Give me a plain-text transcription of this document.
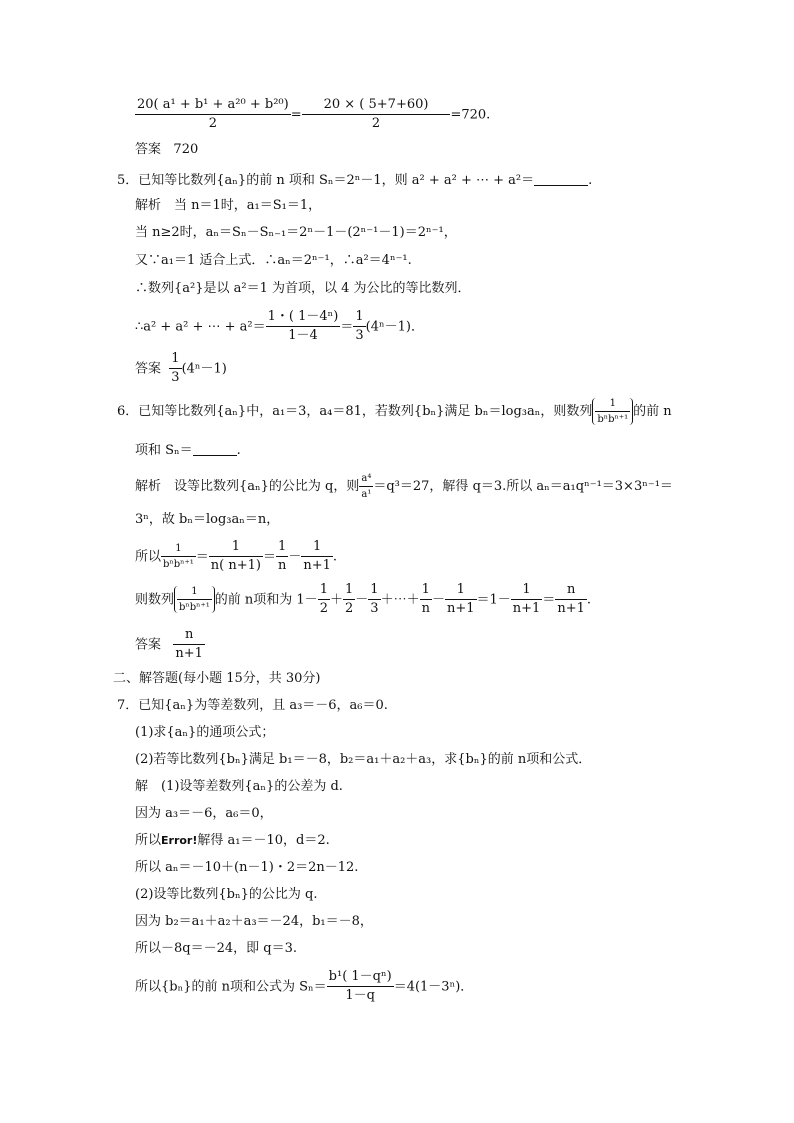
$\frac{\text{20( a¹ + b¹ + a²⁰ + b²⁰)}}{2} = \frac{20 \times ( 5+7+60)}{2} =720$.
答案 720
5．已知等比数列{aₙ}的前 n 项和 Sₙ＝2ⁿ－1，则 a² + a² + ⋯ + a²＝	.
解析　当 n＝1时，a₁＝S₁＝1，
当 n≥2时，aₙ＝Sₙ－Sₙ₋₁＝2ⁿ－1－(2ⁿ⁻¹－1)＝2ⁿ⁻¹，
又∵a₁＝1 适合上式．∴aₙ＝2ⁿ⁻¹，∴a²＝4ⁿ⁻¹.
∴数列{a²}是以 a²＝1 为首项，以 4 为公比的等比数列．
∴a² + a² + ⋯ + $a^2= \frac{\text{1・( 1－4ⁿ)}}{1-4} = \frac{1}{3} (4^n-1)$．
答案 $\frac{1}{3} (4^n-1)$
6．已知等比数列{aₙ}中，a₁＝3，a₄＝81，若数列{bₙ}满足 bₙ＝log₃aₙ，则数列 $\frac{1}{\text{bⁿbⁿ⁺¹}}$ 的前 n
项和 Sₙ＝	.
解析　设等比数列{aₙ}的公比为 q，则 $\frac{\text{a⁴}}{\text{a¹}} =q^3=27$，解得 q＝3.所以 aₙ＝a₁qⁿ⁻¹＝3×3ⁿ⁻¹＝
3ⁿ，故 bₙ＝log₃aₙ＝n，
所以 $\frac{1}{\text{bⁿbⁿ⁺¹}} = \frac{1}{n( n+1)} = \frac{1}{n} - \frac{1}{n+1}$ .
则数列 $\frac{1}{\text{bⁿbⁿ⁺¹}}$ 的前 n项和为 $1- \frac{1}{2} + \frac{1}{2} - \frac{1}{3}$ ＋⋯＋ $\frac{1}{n} - \frac{1}{n+1} =1- \frac{1}{n+1} = \frac{n}{n+1}$ .
答案 $\frac{n}{n+1}$
二、解答题(每小题 15分，共 30分)
7．已知{aₙ}为等差数列，且 a₃＝－6，a₆＝0.
(1)求{aₙ}的通项公式；
(2)若等比数列{bₙ}满足 b₁＝－8，b₂＝a₁＋a₂＋a₃，求{bₙ}的前 n项和公式．
解　(1)设等差数列{aₙ}的公差为 d.
因为 a₃＝－6，a₆＝0，
所以Error!解得 a₁＝－10，d＝2.
所以 aₙ＝－10＋(n－1)・2＝2n－12.
(2)设等比数列{bₙ}的公比为 q.
因为 b₂＝a₁＋a₂＋a₃＝－24，b₁＝－8，
所以－8q＝－24，即 q＝3.
所以{bₙ}的前 n项和公式为 $S_n= \frac{\text{b¹( 1－qⁿ)}}{1-q} =4(1-3^n)$．
